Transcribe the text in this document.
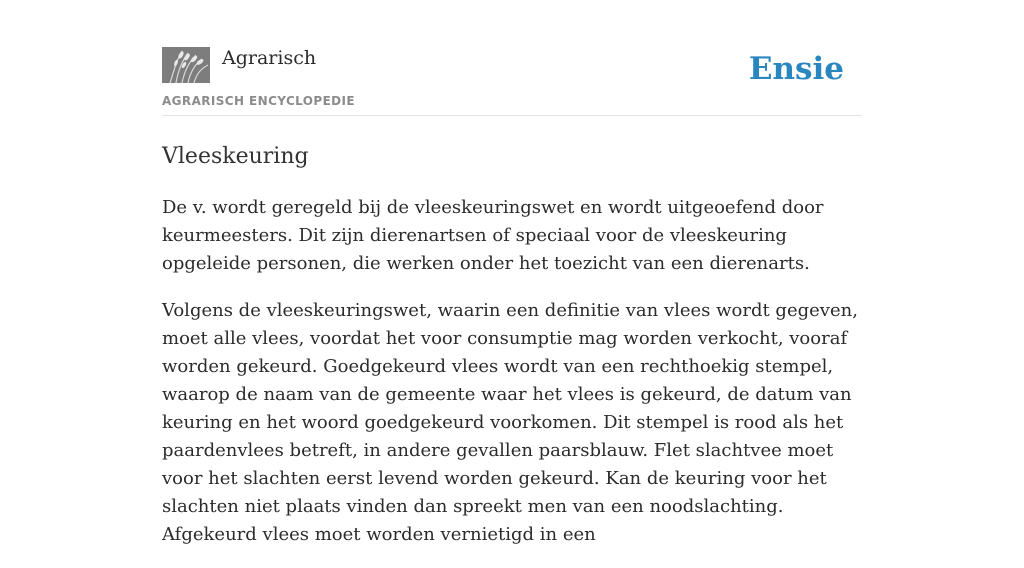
Agrarisch
AGRARISCH ENCYCLOPEDIE
Ensie
Vleeskeuring

De v. wordt geregeld bij de vleeskeuringswet en wordt uitgeoefend door keurmeesters. Dit zijn dierenartsen of speciaal voor de vleeskeuring opgeleide personen, die werken onder het toezicht van een dierenarts.

Volgens de vleeskeuringswet, waarin een definitie van vlees wordt gegeven, moet alle vlees, voordat het voor consumptie mag worden verkocht, vooraf worden gekeurd. Goedgekeurd vlees wordt van een rechthoekig stempel, waarop de naam van de gemeente waar het vlees is gekeurd, de datum van keuring en het woord goedgekeurd voorkomen. Dit stempel is rood als het paardenvlees betreft, in andere gevallen paarsblauw. Flet slachtvee moet voor het slachten eerst levend worden gekeurd. Kan de keuring voor het slachten niet plaats vinden dan spreekt men van een noodslachting. Afgekeurd vlees moet worden vernietigd in een
